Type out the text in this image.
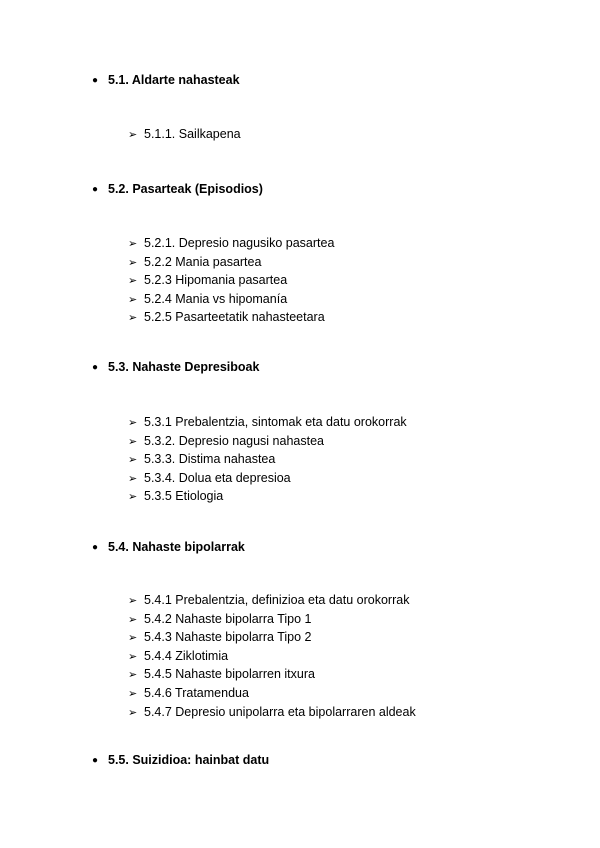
● 5.1. Aldarte nahasteak
➢ 5.1.1. Sailkapena
● 5.2. Pasarteak (Episodios)
➢ 5.2.1. Depresio nagusiko pasartea
➢ 5.2.2 Mania pasartea
➢ 5.2.3 Hipomania pasartea
➢ 5.2.4 Mania vs hipomanía
➢ 5.2.5 Pasarteetatik nahasteetara
● 5.3. Nahaste Depresiboak
➢ 5.3.1 Prebalentzia, sintomak eta datu orokorrak
➢ 5.3.2. Depresio nagusi nahastea
➢ 5.3.3. Distima nahastea
➢ 5.3.4. Dolua eta depresioa
➢ 5.3.5 Etiologia
● 5.4. Nahaste bipolarrak
➢ 5.4.1 Prebalentzia, definizioa eta datu orokorrak
➢ 5.4.2 Nahaste bipolarra Tipo 1
➢ 5.4.3 Nahaste bipolarra Tipo 2
➢ 5.4.4 Ziklotimia
➢ 5.4.5 Nahaste bipolarren itxura
➢ 5.4.6 Tratamendua
➢ 5.4.7 Depresio unipolarra eta bipolarraren aldeak
● 5.5. Suizidioa: hainbat datu
